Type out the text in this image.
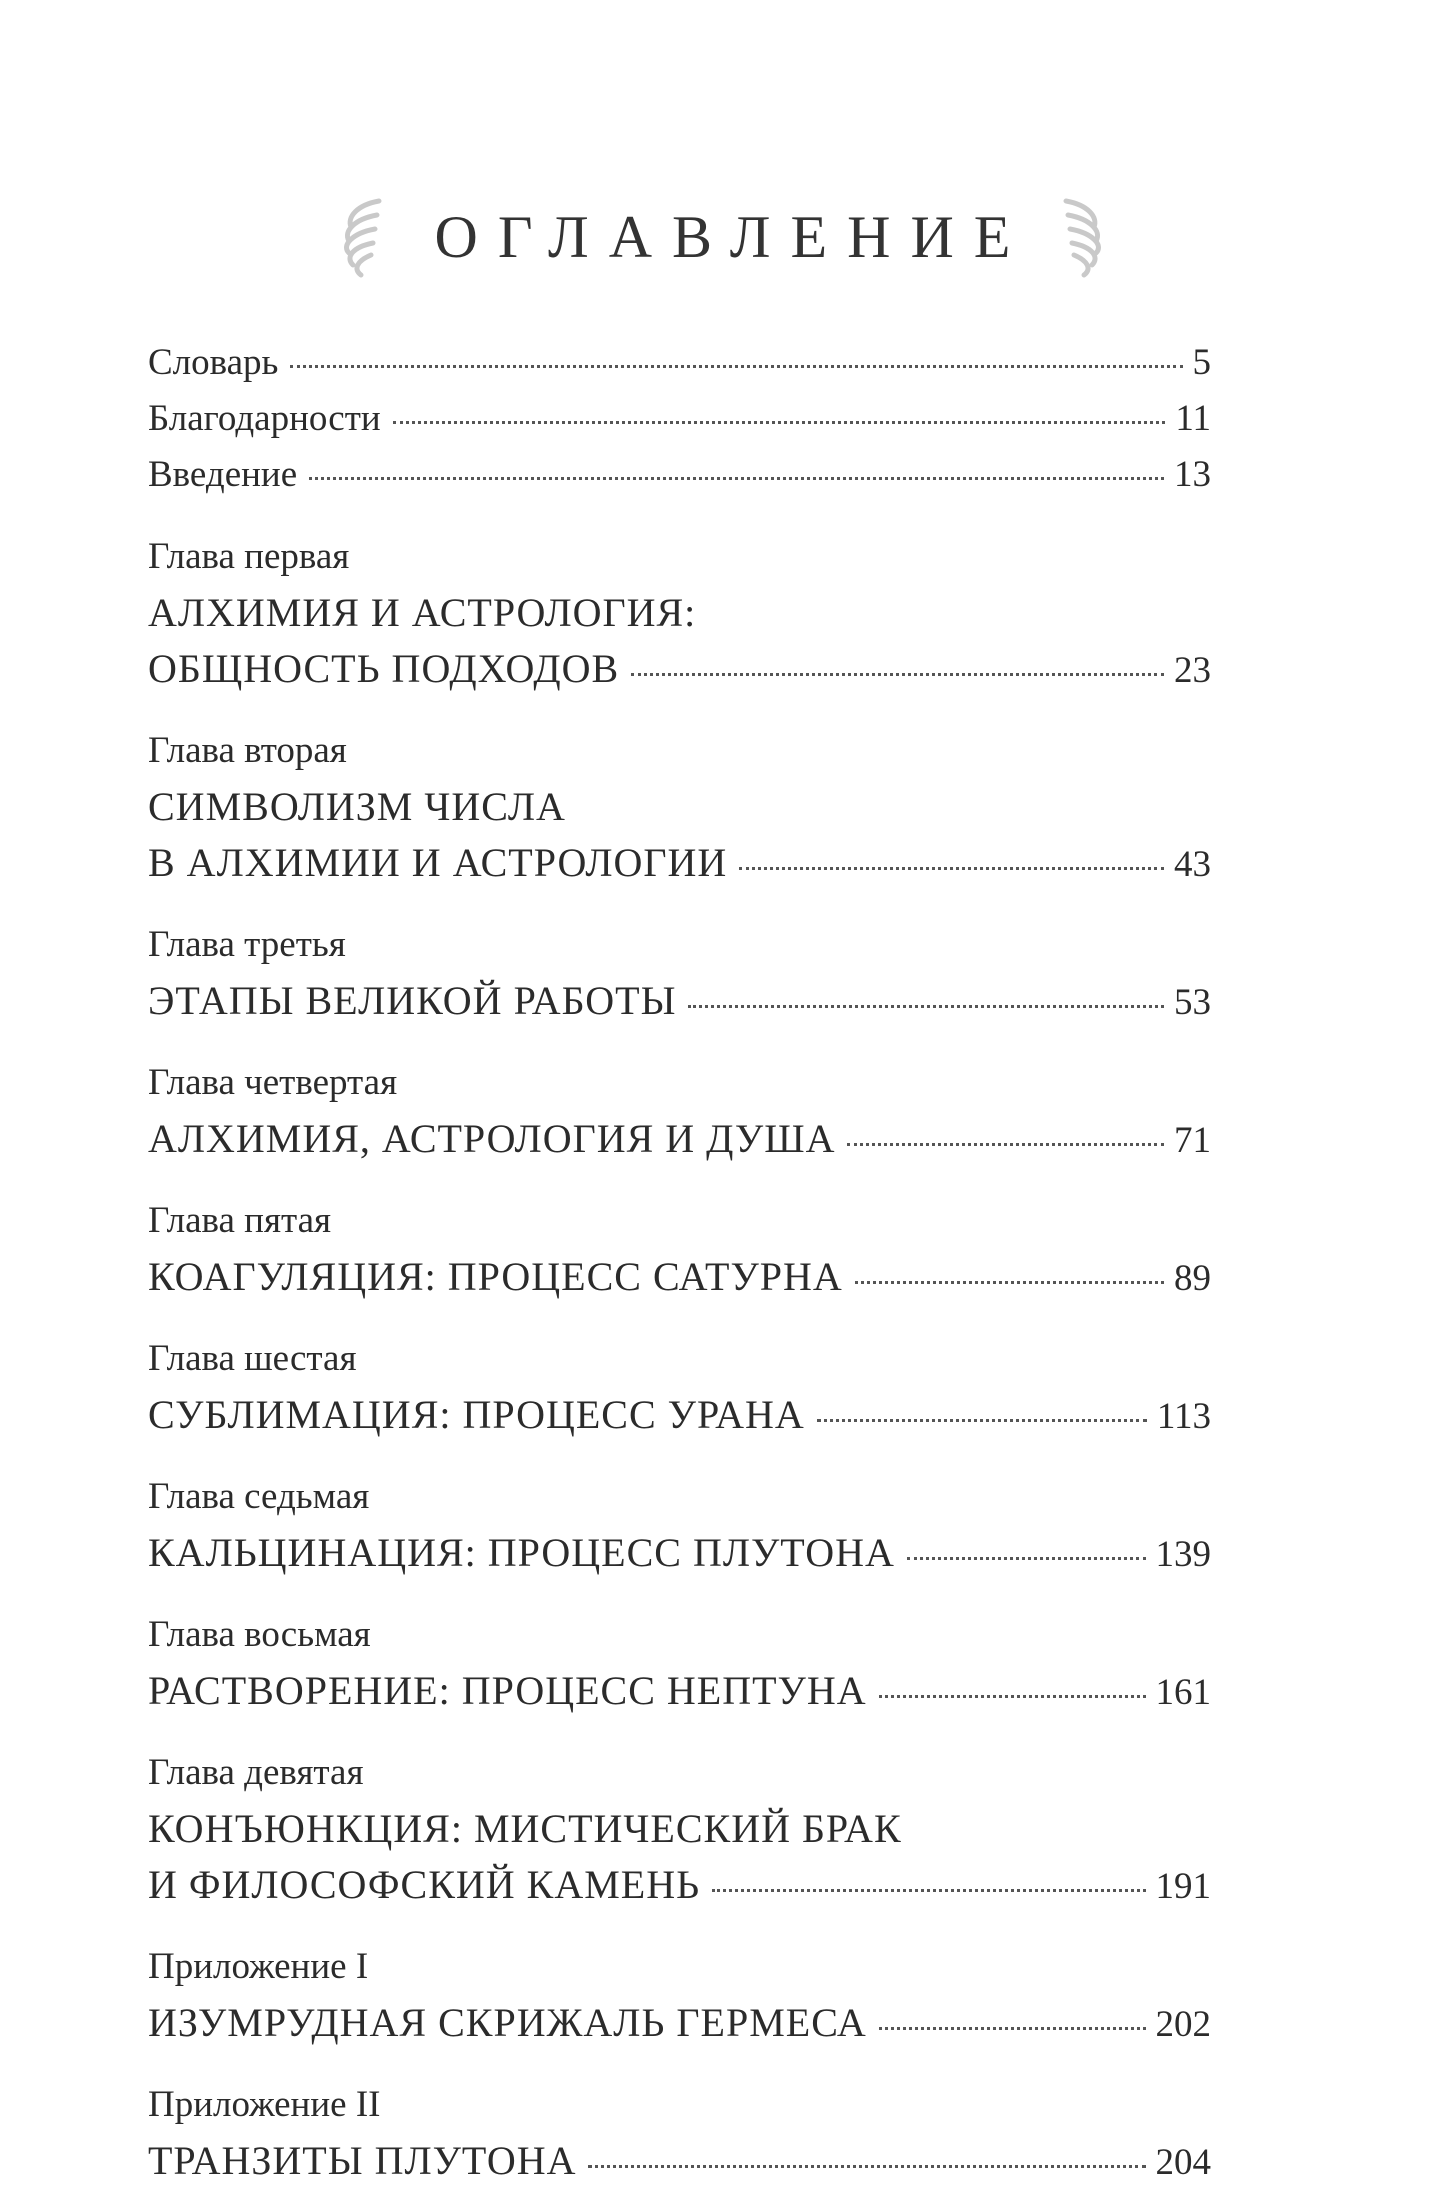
ОГЛАВЛЕНИЕ
Словарь	5
Благодарности	11
Введение	13
Глава первая
АЛХИМИЯ И АСТРОЛОГИЯ:
ОБЩНОСТЬ ПОДХОДОВ	23
Глава вторая
СИМВОЛИЗМ ЧИСЛА
В АЛХИМИИ И АСТРОЛОГИИ	43
Глава третья
ЭТАПЫ ВЕЛИКОЙ РАБОТЫ	53
Глава четвертая
АЛХИМИЯ, АСТРОЛОГИЯ И ДУША	71
Глава пятая
КОАГУЛЯЦИЯ: ПРОЦЕСС САТУРНА	89
Глава шестая
СУБЛИМАЦИЯ: ПРОЦЕСС УРАНА	113
Глава седьмая
КАЛЬЦИНАЦИЯ: ПРОЦЕСС ПЛУТОНА	139
Глава восьмая
РАСТВОРЕНИЕ: ПРОЦЕСС НЕПТУНА	161
Глава девятая
КОНЪЮНКЦИЯ: МИСТИЧЕСКИЙ БРАК
И ФИЛОСОФСКИЙ КАМЕНЬ	191
Приложение I
ИЗУМРУДНАЯ СКРИЖАЛЬ ГЕРМЕСА	202
Приложение II
ТРАНЗИТЫ ПЛУТОНА	204
